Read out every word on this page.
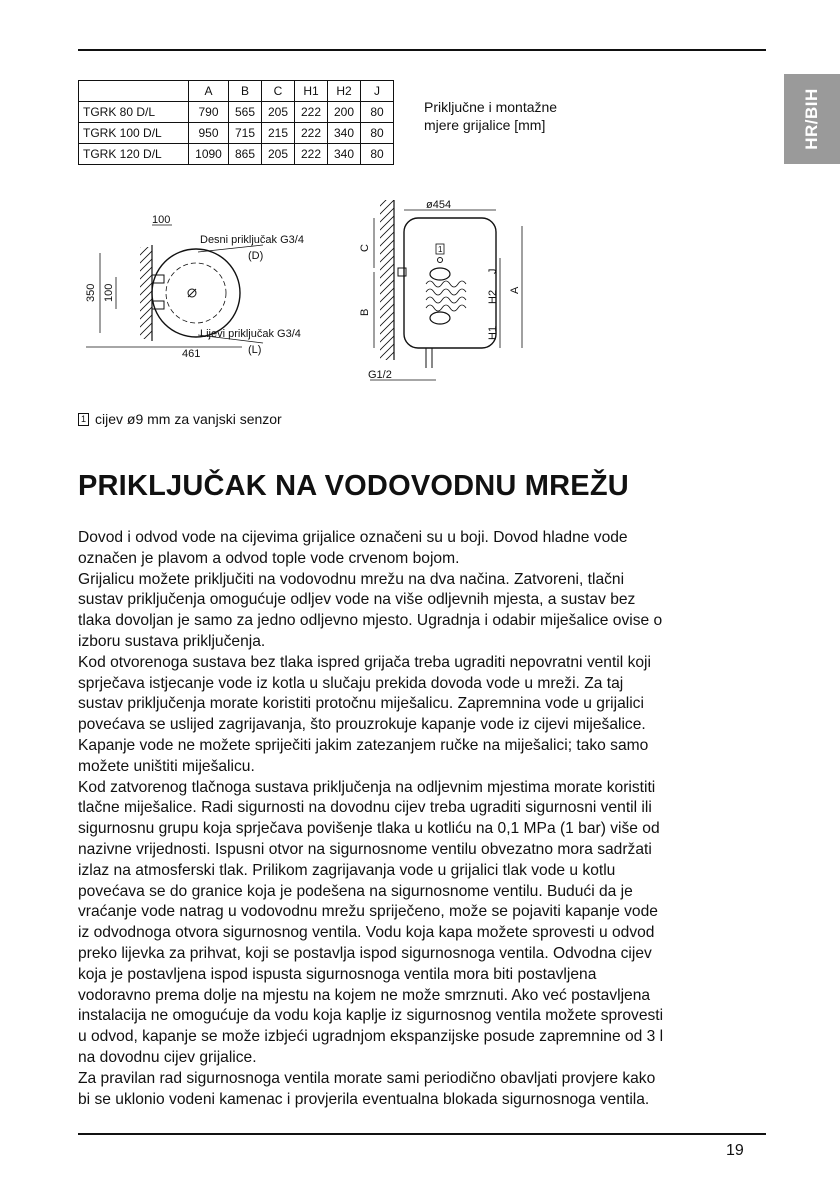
HR/BIH
	A	B	C	H1	H2	J
TGRK 80 D/L	790	565	205	222	200	80
TGRK 100 D/L	950	715	215	222	340	80
TGRK 120 D/L	1090	865	205	222	340	80
Priključne i montažne
mjere grijalice [mm]
100
Desni priključak G3/4
(D)
350 100
Lijevi priključak G3/4
(L)
461
1
ø454
C
B
J
H2
H1
A
G1/2
1 cijev ø9 mm za vanjski senzor
PRIKLJUČAK NA VODOVODNU MREŽU

Dovod i odvod vode na cijevima grijalice označeni su u boji. Dovod hladne vode

označen je plavom a odvod tople vode crvenom bojom.

Grijalicu možete priključiti na vodovodnu mrežu na dva načina. Zatvoreni, tlačni

sustav priključenja omogućuje odljev vode na više odljevnih mjesta, a sustav bez

tlaka dovoljan je samo za jedno odljevno mjesto. Ugradnja i odabir miješalice ovise o

izboru sustava priključenja.

Kod otvorenoga sustava bez tlaka ispred grijača treba ugraditi nepovratni ventil koji

sprječava istjecanje vode iz kotla u slučaju prekida dovoda vode u mreži. Za taj

sustav priključenja morate koristiti protočnu miješalicu. Zapremnina vode u grijalici

povećava se uslijed zagrijavanja, što prouzrokuje kapanje vode iz cijevi miješalice.

Kapanje vode ne možete spriječiti jakim zatezanjem ručke na miješalici; tako samo

možete uništiti miješalicu.

Kod zatvorenog tlačnoga sustava priključenja na odljevnim mjestima morate koristiti

tlačne miješalice. Radi sigurnosti na dovodnu cijev treba ugraditi sigurnosni ventil ili

sigurnosnu grupu koja sprječava povišenje tlaka u kotliću na 0,1 MPa (1 bar) više od

nazivne vrijednosti. Ispusni otvor na sigurnosnome ventilu obvezatno mora sadržati

izlaz na atmosferski tlak. Prilikom zagrijavanja vode u grijalici tlak vode u kotlu

povećava se do granice koja je podešena na sigurnosnome ventilu. Budući da je

vraćanje vode natrag u vodovodnu mrežu spriječeno, može se pojaviti kapanje vode

iz odvodnoga otvora sigurnosnog ventila. Vodu koja kapa možete sprovesti u odvod

preko lijevka za prihvat, koji se postavlja ispod sigurnosnoga ventila. Odvodna cijev

koja je postavljena ispod ispusta sigurnosnoga ventila mora biti postavljena

vodoravno prema dolje na mjestu na kojem ne može smrznuti. Ako već postavljena

instalacija ne omogućuje da vodu koja kaplje iz sigurnosnog ventila možete sprovesti

u odvod, kapanje se može izbjeći ugradnjom ekspanzijske posude zapremnine od 3 l

na dovodnu cijev grijalice.

Za pravilan rad sigurnosnoga ventila morate sami periodično obavljati provjere kako

bi se uklonio vodeni kamenac i provjerila eventualna blokada sigurnosnoga ventila.

19
